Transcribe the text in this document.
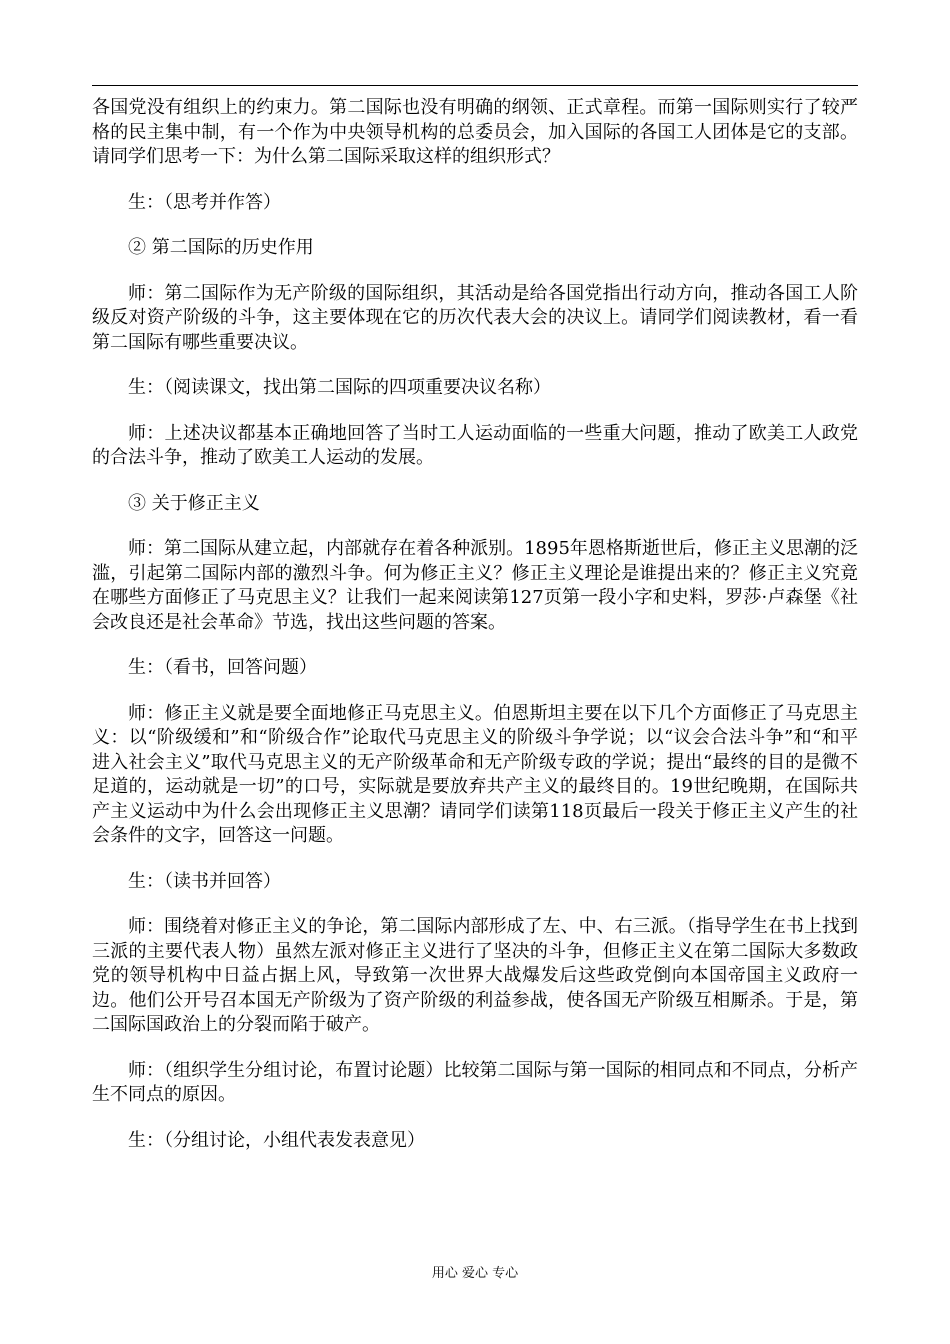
各国党没有组织上的约束力。第二国际也没有明确的纲领、正式章程。而第一国际则实行了较严格的民主集中制，有一个作为中央领导机构的总委员会，加入国际的各国工人团体是它的支部。请同学们思考一下：为什么第二国际采取这样的组织形式？

生：（思考并作答）

② 第二国际的历史作用

师：第二国际作为无产阶级的国际组织，其活动是给各国党指出行动方向，推动各国工人阶级反对资产阶级的斗争，这主要体现在它的历次代表大会的决议上。请同学们阅读教材，看一看第二国际有哪些重要决议。

生：（阅读课文，找出第二国际的四项重要决议名称）

师：上述决议都基本正确地回答了当时工人运动面临的一些重大问题，推动了欧美工人政党的合法斗争，推动了欧美工人运动的发展。

③ 关于修正主义

师：第二国际从建立起，内部就存在着各种派别。1895年恩格斯逝世后，修正主义思潮的泛滥，引起第二国际内部的激烈斗争。何为修正主义？修正主义理论是谁提出来的？修正主义究竟在哪些方面修正了马克思主义？让我们一起来阅读第127页第一段小字和史料，罗莎·卢森堡《社会改良还是社会革命》节选，找出这些问题的答案。

生：（看书，回答问题）

师：修正主义就是要全面地修正马克思主义。伯恩斯坦主要在以下几个方面修正了马克思主义：以“阶级缓和”和“阶级合作”论取代马克思主义的阶级斗争学说；以“议会合法斗争”和“和平进入社会主义”取代马克思主义的无产阶级革命和无产阶级专政的学说；提出“最终的目的是微不足道的，运动就是一切”的口号，实际就是要放弃共产主义的最终目的。19世纪晚期，在国际共产主义运动中为什么会出现修正主义思潮？请同学们读第118页最后一段关于修正主义产生的社会条件的文字，回答这一问题。

生：（读书并回答）

师：围绕着对修正主义的争论，第二国际内部形成了左、中、右三派。（指导学生在书上找到三派的主要代表人物）虽然左派对修正主义进行了坚决的斗争，但修正主义在第二国际大多数政党的领导机构中日益占据上风，导致第一次世界大战爆发后这些政党倒向本国帝国主义政府一边。他们公开号召本国无产阶级为了资产阶级的利益参战，使各国无产阶级互相厮杀。于是，第二国际国政治上的分裂而陷于破产。

师：（组织学生分组讨论，布置讨论题）比较第二国际与第一国际的相同点和不同点，分析产生不同点的原因。

生：（分组讨论，小组代表发表意见）

用心 爱心 专心
